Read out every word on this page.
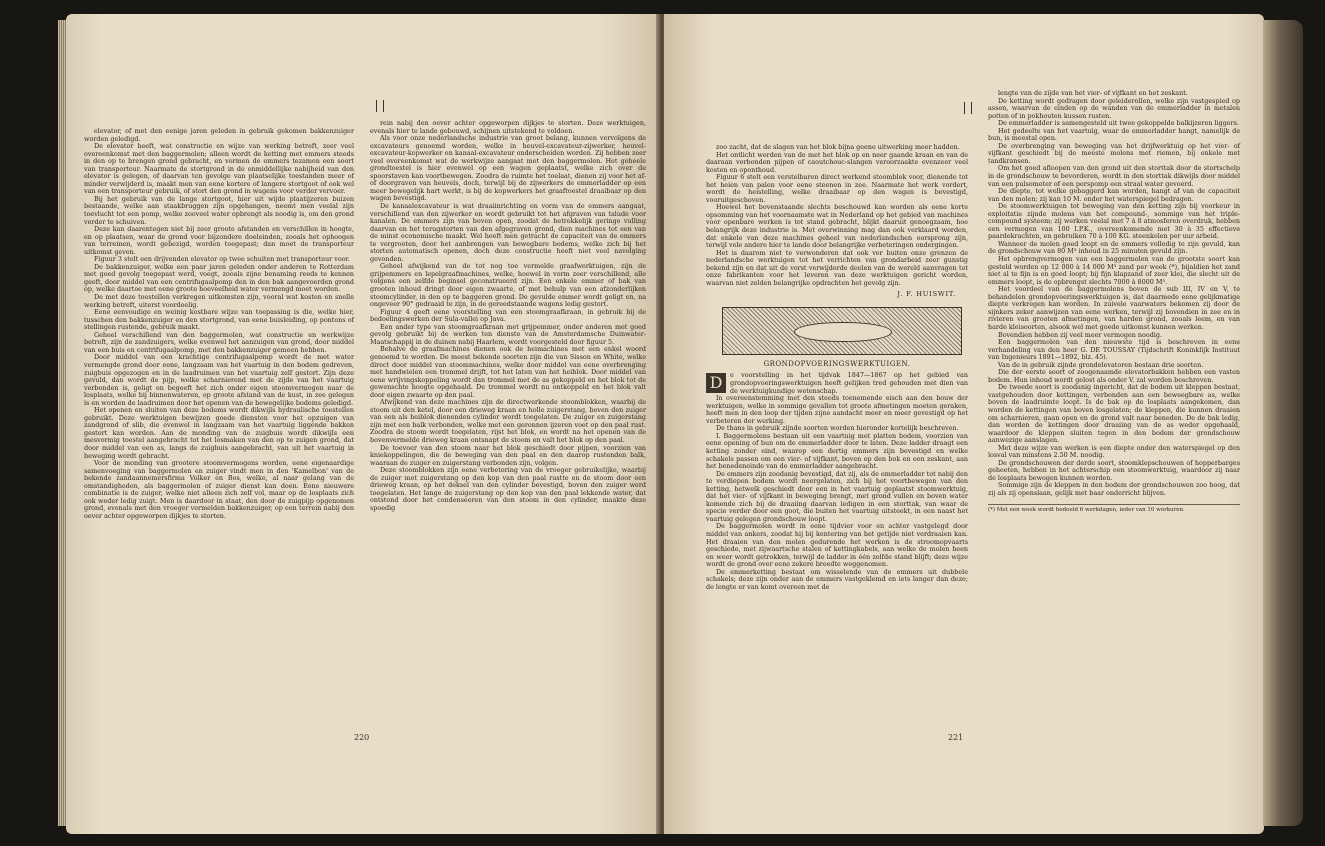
elevator, of met den eenige jaren geleden in gebruik gekomen bakkenzuiger worden geledigd.

De elevator heeft, wat constructie en wijze van werking betreft, zeer veel overeenkomst met den baggermolen; alleen wordt de ketting met emmers steeds in den op te brengen grond gebracht, en vormen de emmers tezamen een soort van transporteur. Naarmate de stortgrond in de onmiddellijke nabijheid van den elevator is gelegen, of daarvan ten gevolge van plaatselijke toestanden meer of minder verwijderd is, maakt men van eene kortere of langere stortgoot of ook wel van een transporteur gebruik, of stort den grond in wagens voor verder vervoer.

Bij het gebruik van de lange stortgoot, hier uit wijde plaatijzeren buizen bestaande, welke aan staakbruggen zijn opgehangen, neemt men veelal zijn toevlucht tot een pomp, welke zooveel water opbrengt als noodig is, om den grond verder te schuiven.

Deze kan daarentegen niet bij zeer groote afstanden en verschillen in hoogte, en op plaatsen, waar de grond voor bijzondere doeleinden, zooals het ophoogen van terreinen, wordt gebezigd, worden toegepast; dan moet de transporteur uitkomst geven.

Figuur 3 stelt een drijvenden elevator op twee schuiten met transporteur voor.

De bakkenzuiger, welke een paar jaren geleden onder anderen te Rotterdam met goed gevolg toegepast werd, voegt, zooals zijne benaming reeds te kennen geeft, door middel van een centrifugaalpomp den in den bak aangevoerden grond op, welke daartoe met eene groote hoeveelheid water vermengd moet worden.

De met deze toestellen verkregen uitkomsten zijn, vooral wat kosten en snelle werking betreft, uiterst voordeelig.

Eene eenvoudige en weinig kostbare wijze van toepassing is die, welke hier, tusschen den bakkenzuiger en den stortgrond, van eene buisleiding, op pontons of stellingen rustende, gebruik maakt.

Geheel verschillend van den baggermolen, wat constructie en werkwijze betreft, zijn de zandzuigers, welke evenwel het aanzuigen van grond, door middel van een buis en centrifugaalpomp, met den bakkenzuiger gemeen hebben.

Door middel van een krachtige centrifugaalpomp wordt de met water vermengde grond door eene, langzaam van het vaartuig in den bodem gedreven, zuigbuis opgezogen en in de laadruimen van het vaartuig zelf gestort. Zijn deze gevuld, dan wordt de pijp, welke scharnierend met de zijde van het vaartuig verbonden is, geligt en begeeft het zich onder eigen stoomvermogen naar de losplaats, welke bij binnenwateren, op groote afstand van de kust, in zee gelegen is en worden de laadruimen door het openen van de bewegelijke bodems geledigd.

Het openen en sluiten van deze bodems wordt dikwijls hydraulische toestellen gebruikt. Deze werktuigen bewijzen goede diensten voor het opzuigen van zandgrond of slib, die evenwel in langzaam van het vaartuig liggende bakken gestort kan worden. Aan de monding van de zuigbuis wordt dikwijls een mesvormig toestel aangebracht tot het losmaken van den op te zuigen grond, dat door middel van een as, langs de zuigbuis aangebracht, van uit het vaartuig in beweging wordt gebracht.

Voor de monding van grootere stoomvermogens worden, eene eigenaardige samenvoeging van baggermolen en zuiger vindt men in den 'Kamelbon' van de bekende zandaannemersfirma Volker en Bos, welke, al naar gelang van de omstandigheden, als baggermolen of zuiger dienst kan doen. Eene nieuwere combinatie is de zuiger, welke niet alleen zich zelf vol, maar op de losplaats zich ook weder ledig zuigt. Men is daardoor in staat, den door de zuigpijp opgenomen grond, evenals met den vroeger vermelden bakkenzuiger, op een terrein nabij den oever achter opgeworpen dijkjes te storten.

rein nabij den oever achter opgeworpen dijkjes te storten. Deze werktuigen, evenals hier te lande gebouwd, schijnen uitstekend te voldoen.

Als voor onze nederlandsche industrie van groot belang, kunnen vervolgens de excavateurs genoemd worden, welke in heuvel-excavateur-zijwerker, heuvel-excavateur-kopwerker en kanaal-excavateur onderscheiden worden. Zij hebben zeer veel overeenkomst wat de werkwijze aangaat met den baggermolen. Het geheele grondtoestel is hier evenwel op een wagen geplaatst, welke zich over de spoorstaven kan voortbewegen. Zoodra de ruimte het toelaat, dienen zij voor het af- of doorgraven van heuvels, doch, terwijl bij de zijwerkers de emmerladder op een meer bewegelijk hart werkt, is bij de kopwerkers het graaftoestel draaibaar op den wagen bevestigd.

De kanaalexcavateur is wat draaiinrichting en vorm van de emmers aangaat, verschillend van den zijwerker en wordt gebruikt tot het afgraven van talude voor kanalen. De emmers zijn van boven open, zoodat de betrekkelijk geringe vulling daarvan en het terugstorten van den afgegraven grond, dien machines tot een van de minst economische maakt. Wel heeft men getracht de capaciteit van de emmers te vergrooten, door het aanbrengen van bewegbare bodems, welke zich bij het storten automatisch openen, doch deze constructie heeft niet veel navolging gevonden.

Geheel afwijkend van de tot nog toe vermelde graafwerktuigen, zijn de grijpemmers en lepelgraafmachines, welke, hoewel in vorm zeer verschillend, alle volgens een zelfde beginsel geconstrueerd zijn. Een enkele emmer of bak van grooten inhoud dringt door eigen zwaarte, of met behulp van een afzonderlijken stoomcylinder, in den op te baggeren grond. De gevulde emmer wordt geligt en, na ongeveer 90° gedraaid te zijn, in de gereedstaande wagens ledig gestort.

Figuur 4 geeft eene voorstelling van een stoomgraafkraan, in gebruik bij de bedoelingswerken der Sula-vallei op Java.

Een ander type van stoomgraafkraan met grijpemmer, onder anderen met goed gevolg gebruikt bij de werken ten dienste van de Amsterdamsche Duinwater-Maatschappij in de duinen nabij Haarlem, wordt voorgesteld door figuur 5.

Behalve de graafmachines dienen ook de heimachines met een enkel woord genoemd te worden. De meest bekende soorten zijn die van Sisson en White, welke direct door middel van stoommachines, welke door middel van eene overbrenging met handwielen een trommel drijft, tot het laten van het heiblok. Door middel van eene wrijvingskoppeling wordt dan trommel met de as gekoppeld en het blok tot de gewenschte hoogte opgehaald. De trommel wordt nu ontkoppeld en het blok valt door eigen zwaarte op den paal.

Afwijkend van deze machines zijn de directwerkende stoomblokken, waarbij de stoom uit den ketel, door een drieweg kraan en holle zuigerstang, boven den zuiger van een als heiblok dienenden cylinder wordt toegelaten. De zuiger en zuigerstang zijn met een balk verbonden, welke met een geronnen ijzeren voet op den paal rust. Zoodra de stoom wordt toegelaten, rijst het blok, en wordt na het openen van de bovenvermelde drieweg kraan ontsnapt de stoom en valt het blok op den paal.

De toevoer van den stoom naar het blok geschiedt door pijpen, voorzien van kniekoppelingen, die de beweging van den paal en den daarop rustenden balk, waaraan de zuiger en zuigerstang verbonden zijn, volgen.

Deze stoomblokken zijn eene verbetering van de vroeger gebruikelijke, waarbij de zuiger met zuigerstang op den kop van den paal rustte en de stoom door een drieweg kraan, op het deksel van den cylinder bevestigd, boven den zuiger werd toegelaten. Het lange de zuigerstang op den kop van den paal lekkende water, dat ontstond door het condenseeren van den stoom in den cylinder, maakte deze spoedig

220

zoo zacht, dat de slagen van het blok bijna geene uitwerking meer hadden.

Het ontlicht werden van de met het blok op en neer gaande kraan en van de daaraan verbonden pijpen of caoutchouc-slangen veroorzaakte evenzeer veel kosten en oponthoud.

Figuur 6 stelt een verstelbaren direct werkend stoomblok voor, dienende tot het heien van palen voor eene steenen in zee. Naarmate het werk vordert, wordt de heistelling, welke draaibaar op den wagen is bevestigd, vooruitgeschoven.

Hoewel het bovenstaande slechts beschouwd kan worden als eene korte opsomming van het voornaamste wat in Nederland op het gebied van machines voor openbare werken is tot stand gebracht, blijkt daaruit genoegzaam, hoe belangrijk deze industrie is. Met overwinning mag dan ook verklaard worden, dat enkele van deze machines geheel van nederlandschen oorsprong zijn, terwijl vele andere hier te lande door belangrijke verbeteringen ondergingen.

Het is daarom niet te verwonderen dat ook ver buiten onze grenzen de nederlandsche werktuigen tot het verrichten van grondarbeid zeer gunstig bekend zijn en dat uit de verst verwijderde deelen van de wereld aanvragen tot onze fabrikanten voor het leveren van deze werktuigen gericht worden, waarvan niet zelden belangrijke opdrachten het gevolg zijn.

J. F. HUISWIT.
GRONDOPVOERINGSWERKTUIGEN.
D	e voorstelling in het tijdvak 1847—1867 op het gebied van grondopvoeringswerktuigen heeft gelijken tred gehouden met dien van de werktuigkundige wetenschap.

In overeenstemming met den steeds toenemende eisch aan den bouw der werktuigen, welke in sommige gevallen tot groote afmetingen moeten geraken, heeft men in den loop der tijden zijne aandacht meer en meer gevestigd op het verbeteren der werking.

De thans in gebruik zijnde soorten worden hieronder kortelijk beschreven.

I. Baggermolens bestaan uit een vaartuig met platten bodem, voorzien van eene opening of bun om de emmerladder door te laten. Deze ladder draagt een ketting zonder eind, waarop een dertig emmers zijn bevestigd en welke schakels passen om een vier- of vijfkant, boven op den bok en een zeskant, aan het benedeneinde van de emmerladder aangebracht.

De emmers zijn zoodanig bevestigd, dat zij, als de emmerladder tot nabij den te verdiepen bodem wordt neergelaten, zich bij het voortbewegen van den ketting, hetwelk geschiedt door een in het vaartuig geplaatst stoomwerktuig, dat het vier- of vijfkant in beweging brengt, met grond vullen en boven water komende zich bij de draaiing daarvan ledigen in een storttak, van waar de specie verder door een goot, die buiten het vaartuig uitsteekt, in een naast het vaartuig gelegen grondschouw loopt.

De baggermolen wordt in eene tijdvier voor en achter vastgelegd door middel van ankers, zoodat hij bij kentering van het getijde niet verdraaien kan. Het draaien van den molen gedurende het werken is de stroomopvaarts geschiede, met zijwaartsche stalen of kettingkabels, aan welke de molen heen en weer wordt getrokken, terwijl de ladder in één zelfde stand blijft; deze wijze wordt de grond over eene zekere breedte weggenomen.

De emmerketting bestaat om wisselende van de emmers uit dubbele schakels; deze zijn onder aan de emmers vastgeklemd en iets langer dan deze; de lengte er van komt overeen met de

lengte van de zijde van het vier- of vijfkant en het zeskant.

De ketting wordt gedragen door geleiderollen, welke zijn vastgespied op assen, waarvan de einden op de wanden van de emmerladder in metalen potten of in pokhouten kussen rusten.

De emmerladder is samengesteld uit twee gekoppelde balkijzeren liggers.

Het gedeelte van het vaartuig, waar de emmerladder hangt, namelijk de bun, is meestal open.

De overbrenging van beweging van het drijfwerktuig op het vier- of vijfkant geschiedt bij de meeste molens met riemen, bij enkele met tandkransen.

Om het goed afloopen van den grond uit den storttak door de stortschelp in de grondschouw te bevorderen, wordt in den storttak dikwijls door middel van een pulsometer of een perspomp een straal water gevoerd.

De diepte, tot welke gebaggerd kan worden, hangt af van de capaciteit van den molen; zij kan 10 M. onder het waterspiegel bedragen.

De stoomwerktuigen tot beweging van den ketting zijn bij voorkeur in exploitatie zijnde molens van het compound-, sommige van het triple-compound systeem; zij werken veelal met 7 à 8 atmosferen overdruk, hebben een vermogen van 100 I.P.K., overeenkomende met 30 à 35 effectieve paardekrachten, en gebruiken 70 à 100 KG. steenkolen per uur arbeid.

Wanneer de molen goed loopt en de emmers volledig te zijn gevuld, kan de grondschouw van 80 M³ inhoud in 25 minuten gevuld zijn.

Het opbrengvermogen van een baggermolen van de grootste soort kan gesteld worden op 12 000 à 14 000 M³ zand per week (*), bijaldien het zand niet al te fijn is en goed loopt; bij fijn klapzand of zeer klei, die slecht uit de emmers loopt, is de opbrengst slechts 7000 à 8000 M³.

Het voordeel van de baggermolens boven de sub III, IV en V, te behandelen grondopvoeringswerktuigen is, dat daarmede eene gelijkmatige diepte verkregen kan worden. In zuivele vaarwaters bekomen zij door de sijnkers zeker aanwijzen van eene werken, terwijl zij bovendien in zee en in rivieren van grooten afmetingen, van harden grond, zooals leem, en van harde kleisoorten, alsook wel met goede uitkomst kunnen werken.

Bovendien hebben zij veel meer vermogen noodig.

Een baggermolen van den nieuwste tijd is beschreven in eene verhandeling van den heer G. DE TOUSSAY (Tijdschrift Koninklijk Instituut van Ingenieurs 1891—1892, blz. 45).

Van de in gebruik zijnde grondelevatoren bestaan drie soorten.

Die der eerste soort of zoogenaamde elevatorbakken hebben een vasten bodem. Hun inhoud wordt gelost als onder V. zal worden beschreven.

De tweede soort is zoodanig ingericht, dat de bodem uit kleppen bestaat, vastgehouden door kettingen, verbonden aan een beweegbare as, welke boven de laadruimte loopt. Is de bak op de losplaats aangekomen, dan worden de kettingen van boven losgelaten; de kleppen, die kunnen draaien om scharnieren, gaan open en de grond valt naar beneden. De de bak ledig, dan worden de kettingen door draaiing van de as weder opgehaald, waardoor de kleppen sluiten tegen in den bodem der grondschouw aanwezige aanslagen.

Met deze wijze van werken is een diepte onder den waterspiegel op den losval van minstens 2.50 M. noodig.

De grondschouwen der derde soort, stoomklepschouwen of hopperbarges geheeten, hebben in het achterschip een stoomwerktuig, waardoor zij naar de losplaats bewogen kunnen worden.

Sommige zijn de kleppen in den bodem der grondschouwen zoo hoog, dat zij als zij openslaan, gelijk met baar onderricht blijven.

(*) Met een week wordt bedoeld 6 werkdagen, ieder van 10 werkuren.
221
